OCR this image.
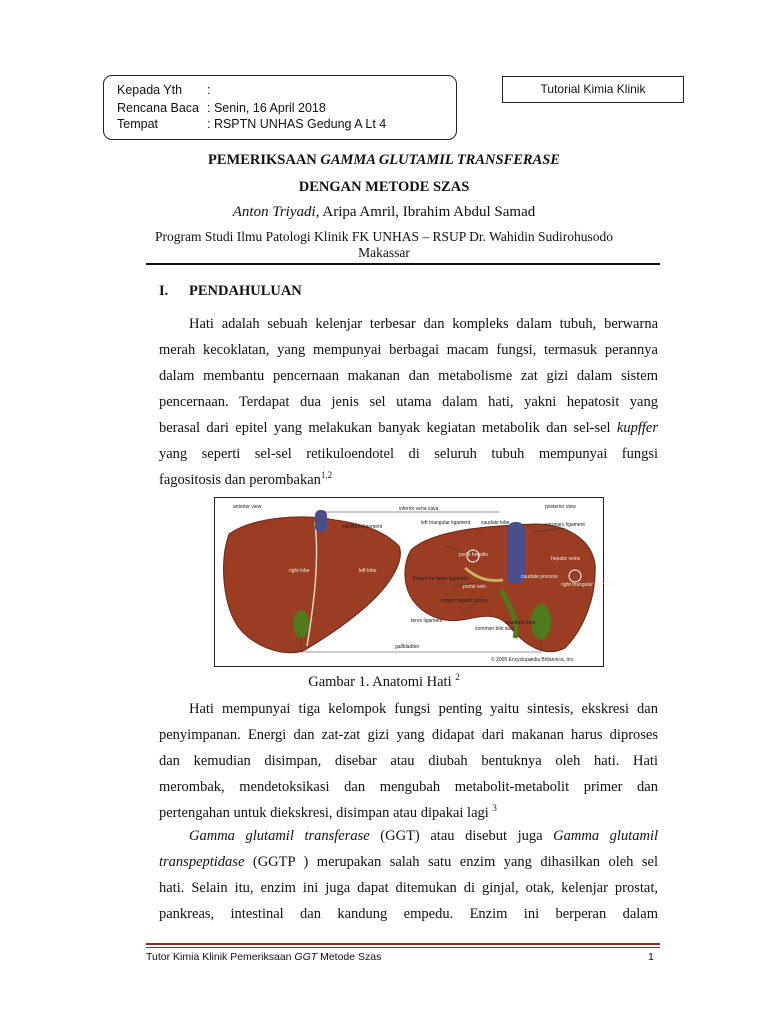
Kepada Yth	:
Rencana Baca : Senin, 16 April 2018
Tempat	: RSPTN UNHAS Gedung A Lt 4
Tutorial Kimia Klinik
PEMERIKSAAN GAMMA GLUTAMIL TRANSFERASE
DENGAN METODE SZAS
Anton Triyadi, Aripa Amril, Ibrahim Abdul Samad
Program Studi Ilmu Patologi Klinik FK UNHAS – RSUP Dr. Wahidin Sudirohusodo
Makassar
I. PENDAHULUAN
Hati adalah sebuah kelenjar terbesar dan kompleks dalam tubuh, berwarna
merah kecoklatan, yang mempunyai berbagai macam fungsi, termasuk perannya
dalam membantu pencernaan makanan dan metabolisme zat gizi dalam sistem
pencernaan. Terdapat dua jenis sel utama dalam hati, yakni hepatosit yang
berasal dari epitel yang melakukan banyak kegiatan metabolik dan sel-sel kupffer
yang seperti sel-sel retikuloendotel di seluruh tubuh mempunyai fungsi
fagositosis dan perombakan$^{1,2}$
anterior view	posterior view
inferior vena cava
falciform ligament
left triangular ligament caudate lobe	coronary ligament
right lobe	left lobe
porta hepatis
hepatic veins
fissure for teres ligament
portal vein
caudate process
right triangular ligament
proper hepatic artery
teres ligament
common bile duct
quadrate lobe
gallbladder
© 2005 Encyclopædia Britannica, Inc.
Gambar 1. Anatomi Hati $^2$
Hati mempunyai tiga kelompok fungsi penting yaitu sintesis, ekskresi dan
penyimpanan. Energi dan zat-zat gizi yang didapat dari makanan harus diproses
dan kemudian disimpan, disebar atau diubah bentuknya oleh hati. Hati
merombak, mendetoksikasi dan mengubah metabolit-metabolit primer dan
pertengahan untuk diekskresi, disimpan atau dipakai lagi $^3$
Gamma glutamil transferase (GGT) atau disebut juga Gamma glutamil
transpeptidase (GGTP ) merupakan salah satu enzim yang dihasilkan oleh sel
hati. Selain itu, enzim ini juga dapat ditemukan di ginjal, otak, kelenjar prostat,
pankreas, intestinal dan kandung empedu. Enzim ini berperan dalam
Tutor Kimia Klinik Pemeriksaan GGT Metode Szas	1
